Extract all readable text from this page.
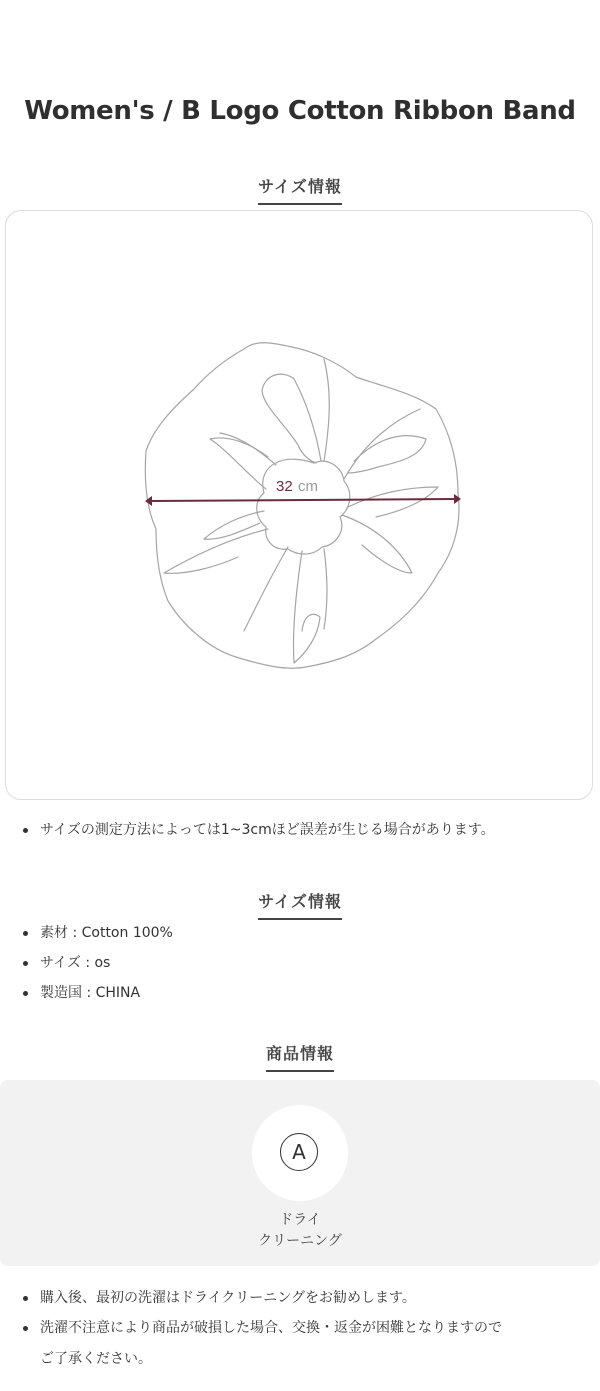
Women's / B Logo Cotton Ribbon Band
サイズ情報
32 cm
サイズの測定方法によっては1~3cmほど誤差が生じる場合があります。
サイズ情報
素材 : Cotton 100%
サイズ : os
製造国 : CHINA
商品情報
A
ドライ
クリーニング
購入後、最初の洗濯はドライクリーニングをお勧めします。
洗濯不注意により商品が破損した場合、交換・返金が困難となりますので
ご了承ください。
